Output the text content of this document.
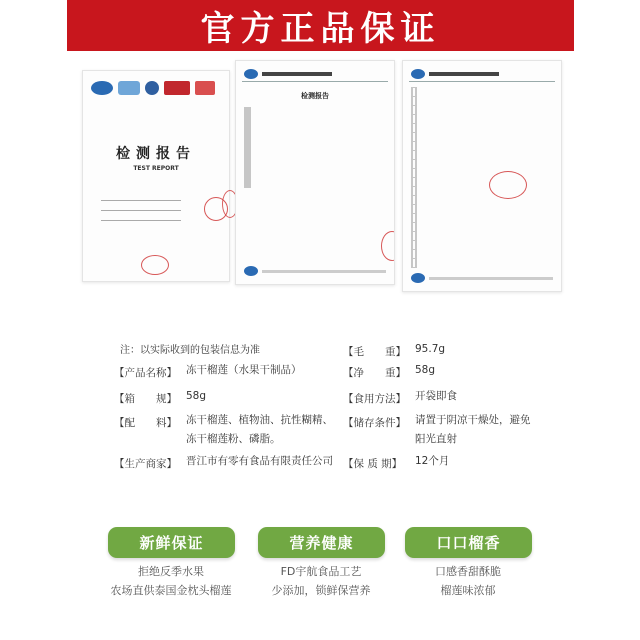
官方正品保证
检测报告
TEST REPORT
检测报告

注：以实际收到的包装信息为准
【产品名称】 冻干榴莲（水果干制品）
【箱　　规】 58g
【配　　料】 冻干榴莲、植物油、抗性糊精、
冻干榴莲粉、磷脂。
【生产商家】 晋江市有零有食品有限责任公司
【毛　　重】 95.7g
【净　　重】 58g
【食用方法】 开袋即食
【储存条件】 请置于阴凉干燥处，避免
阳光直射
【保 质 期】 12个月
新鲜保证
拒绝反季水果
农场直供泰国金枕头榴莲
营养健康
FD宇航食品工艺
少添加，锁鲜保营养
口口榴香
口感香甜酥脆
榴莲味浓郁
